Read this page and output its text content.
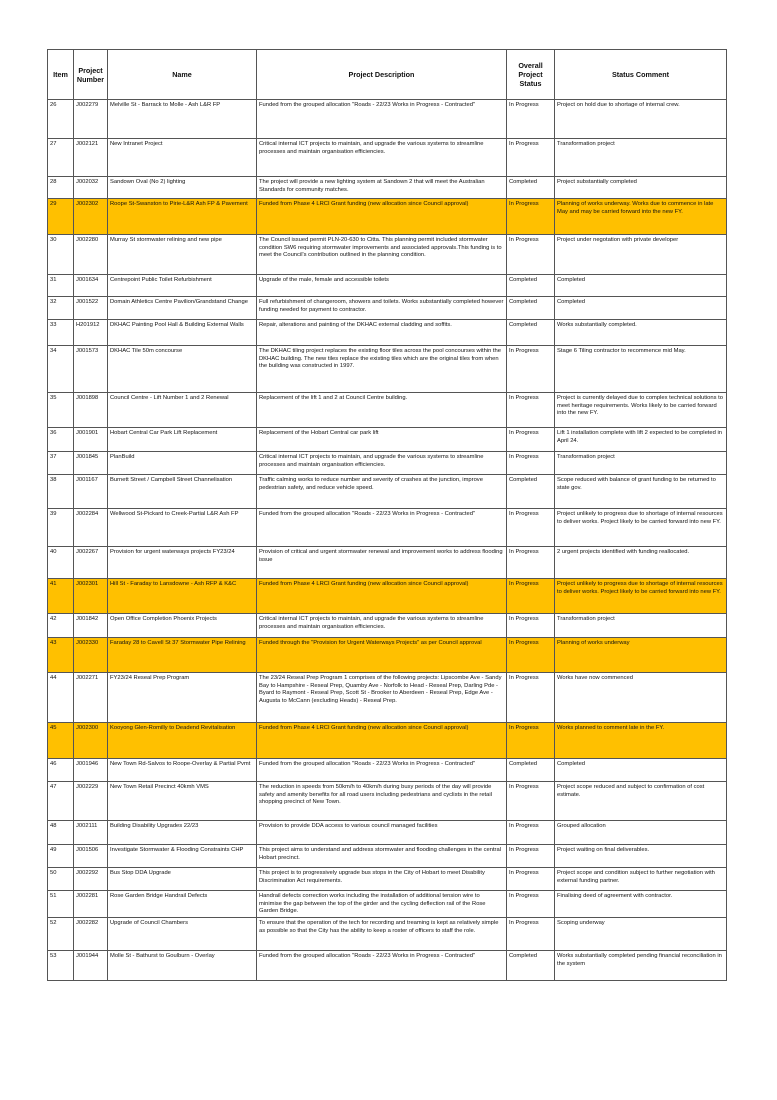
Item	Project Number	Name	Project Description	Overall Project Status	Status Comment
26	J002279	Melville St - Barrack to Molle - Ash L&R FP	Funded from the grouped allocation "Roads - 22/23 Works in Progress - Contracted"	In Progress	Project on hold due to shortage of internal crew.
27	J002121	New Intranet Project	Critical internal ICT projects to maintain, and upgrade the various systems to streamline processes and maintain organisation efficiencies.	In Progress	Transformation project
28	J002032	Sandown Oval (No 2) lighting	The project will provide a new lighting system at Sandown 2 that will meet the Australian Standards for community matches.	Completed	Project substantially completed
29	J002302	Roope St-Swanston to Pirie-L&R Ash FP & Pavement	Funded from Phase 4 LRCI Grant funding (new allocation since Council approval)	In Progress	Planning of works underway. Works due to commence in late May and may be carried forward into the new FY.
30	J002280	Murray St stormwater relining and new pipe	The Council issued permit PLN-20-630 to Citta. This planning permit included stormwater condition SW6 requiring stormwater improvements and associated approvals.This funding is to meet the Council's contribution outlined in the planning condition.	In Progress	Project under negotation with private developer
31	J001634	Centrepoint Public Toilet Refurbishment	Upgrade of the male, female and accessible toilets	Completed	Completed
32	J001522	Domain Athletics Centre Pavilion/Grandstand Change	Full refurbishment of changeroom, showers and toilets. Works substantially completed however funding needed for payment to contractor.	Completed	Completed
33	H201912	DKHAC Painting Pool Hall & Building External Walls	Repair, alterations and painting of the DKHAC external cladding and soffits.	Completed	Works substantially completed.
34	J001573	DKHAC Tile 50m concourse	The DKHAC tiling project replaces the existing floor tiles across the pool concourses within the DKHAC building. The new tiles replace the existing tiles which are the original tiles from when the building was constructed in 1997.	In Progress	Stage 6 Tiling contractor to recommence mid May.
35	J001898	Council Centre - Lift Number 1 and 2 Renewal	Replacement of the lift 1 and 2 at Council Centre building.	In Progress	Project is currently delayed due to complex technical solutions to meet heritage requirements. Works likely to be carried forward into the new FY.
36	J001901	Hobart Central Car Park Lift Replacement	Replacement of the Hobart Central car park lift	In Progress	Lift 1 installation complete with lift 2 expected to be completed in April 24.
37	J001845	PlanBuild	Critical internal ICT projects to maintain, and upgrade the various systems to streamline processes and maintain organisation efficiencies.	In Progress	Transformation project
38	J001167	Burnett Street / Campbell Street Channelisation	Traffic calming works to reduce number and severity of crashes at the junction, improve pedestrian safety, and reduce vehicle speed.	Completed	Scope reduced with balance of grant funding to be returned to state gov.
39	J002284	Wellwood St-Pickard to Creek-Partial L&R Ash FP	Funded from the grouped allocation "Roads - 22/23 Works in Progress - Contracted"	In Progress	Project unlikely to progress due to shortage of internal resources to deliver works. Project likely to be carried forward into new FY.
40	J002267	Provision for urgent waterways projects FY23/24	Provision of critical and urgent stormwater renewal and improvement works to address flooding issue	In Progress	2 urgent projects identified with funding reallocated.
41	J002301	Hill St - Faraday to Lansdowne - Ash RFP & K&C	Funded from Phase 4 LRCI Grant funding (new allocation since Council approval)	In Progress	Project unlikely to progress due to shortage of internal resources to deliver works. Project likely to be carried forward into new FY.
42	J001842	Open Office Completion Phoenix Projects	Critical internal ICT projects to maintain, and upgrade the various systems to streamline processes and maintain organisation efficiencies.	In Progress	Transformation project
43	J002330	Faraday 28 to Cavell St 37 Stormwater Pipe Relining	Funded through the "Provision for Urgent Waterways Projects" as per Council approval	In Progress	Planning of works underway
44	J002271	FY23/24 Reseal Prep Program	The 23/24 Reseal Prep Program 1 comprises of the following projects: Lipscombe Ave - Sandy Bay to Hampshire - Reseal Prep, Quamby Ave - Norfolk to Head - Reseal Prep, Darling Pde - Byard to Raymont - Reseal Prep, Scott St - Brooker to Aberdeen - Reseal Prep, Edge Ave - Augusta to McCann (excluding Heads) - Reseal Prep.	In Progress	Works have now commenced
45	J002300	Kooyong Glen-Romilly to Deadend Revitalisation	Funded from Phase 4 LRCI Grant funding (new allocation since Council approval)	In Progress	Works planned to comment late in the FY.
46	J001946	New Town Rd-Salvos to Roope-Overlay & Partial Pvmt	Funded from the grouped allocation "Roads - 22/23 Works in Progress - Contracted"	Completed	Completed
47	J002229	New Town Retail Precinct 40kmh VMS	The reduction in speeds from 50km/h to 40km/h during busy periods of the day will provide safety and amenity benefits for all road users including pedestrians and cyclists in the retail shopping precinct of New Town.	In Progress	Project scope reduced and subject to confirmation of cost estimate.
48	J002111	Building Disability Upgrades 22/23	Provision to provide DDA access to various council managed facilities	In Progress	Grouped allocation
49	J001506	Investigate Stormwater & Flooding Constraints CHP	This project aims to understand and address stormwater and flooding challenges in the central Hobart precinct.	In Progress	Project waiting on final deliverables.
50	J002292	Bus Stop DDA Upgrade	This project is to progressively upgrade bus stops in the City of Hobart to meet Disability Discrimination Act requirements.	In Progress	Project scope and condition subject to further negotiation with external funding partner.
51	J002281	Rose Garden Bridge Handrail Defects	Handrail defects correction works including the installation of additional tension wire to minimise the gap between the top of the girder and the cycling deflection rail of the Rose Garden Bridge.	In Progress	Finalising deed of agreement with contractor.
52	J002282	Upgrade of Council Chambers	To ensure that the operation of the tech for recording and treaming is kept as relatively simple as possible so that the City has the ability to keep a roster of officers to staff the role.	In Progress	Scoping underway
53	J001944	Molle St - Bathurst to Goulburn - Overlay	Funded from the grouped allocation "Roads - 22/23 Works in Progress - Contracted"	Completed	Works substantially completed pending financial reconciliation in the system
